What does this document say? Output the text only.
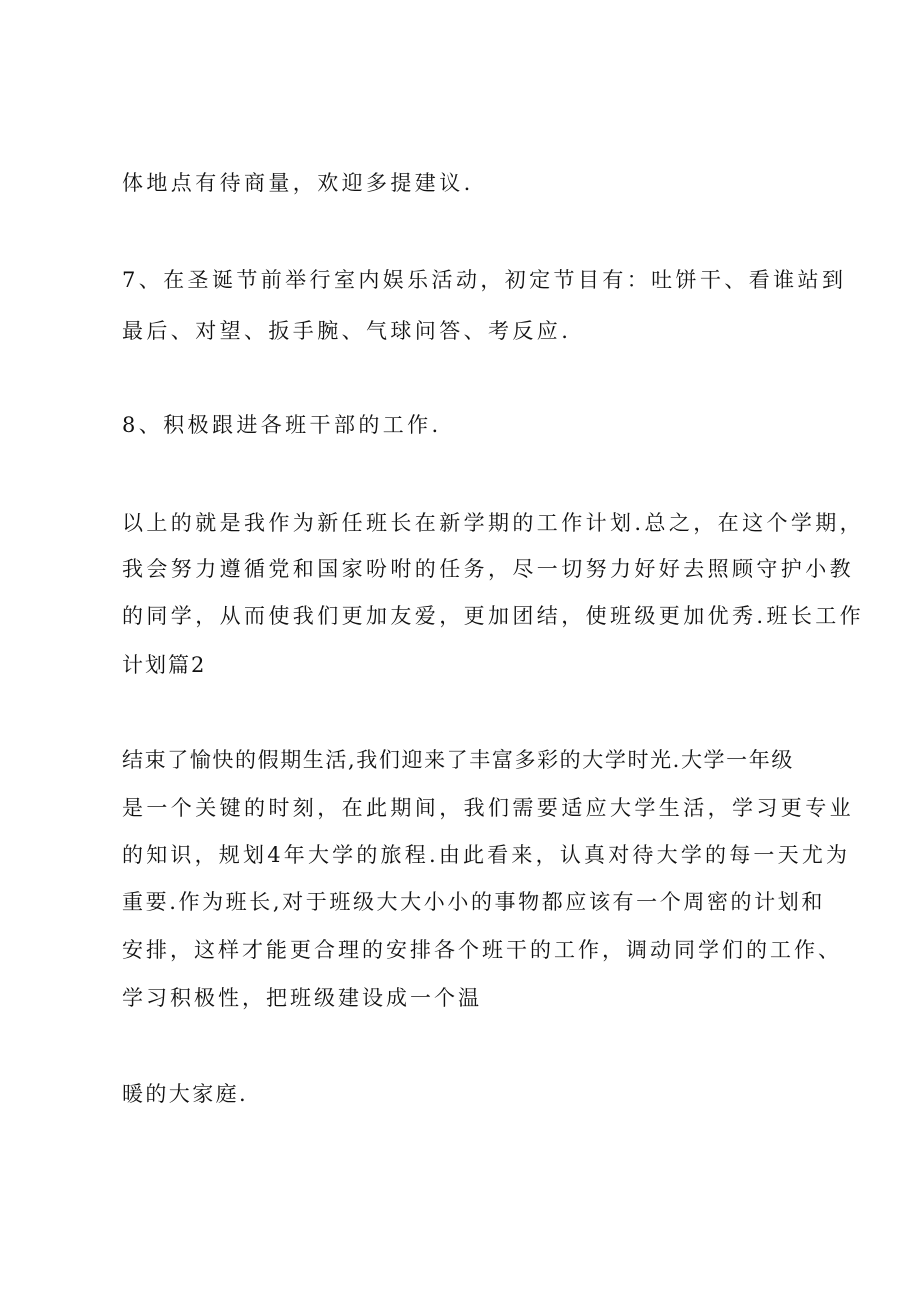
体地点有待商量，欢迎多提建议.

7、在圣诞节前举行室内娱乐活动，初定节目有：吐饼干、看谁站到

最后、对望、扳手腕、气球问答、考反应.

8、积极跟进各班干部的工作.

以上的就是我作为新任班长在新学期的工作计划.总之，在这个学期，

我会努力遵循党和国家吩咐的任务，尽一切努力好好去照顾守护小教

的同学，从而使我们更加友爱，更加团结，使班级更加优秀.班长工作

计划篇2

结束了愉快的假期生活,我们迎来了丰富多彩的大学时光.大学一年级

是一个关键的时刻，在此期间，我们需要适应大学生活，学习更专业

的知识，规划4年大学的旅程.由此看来，认真对待大学的每一天尤为

重要.作为班长,对于班级大大小小的事物都应该有一个周密的计划和

安排，这样才能更合理的安排各个班干的工作，调动同学们的工作、

学习积极性，把班级建设成一个温

暖的大家庭.
